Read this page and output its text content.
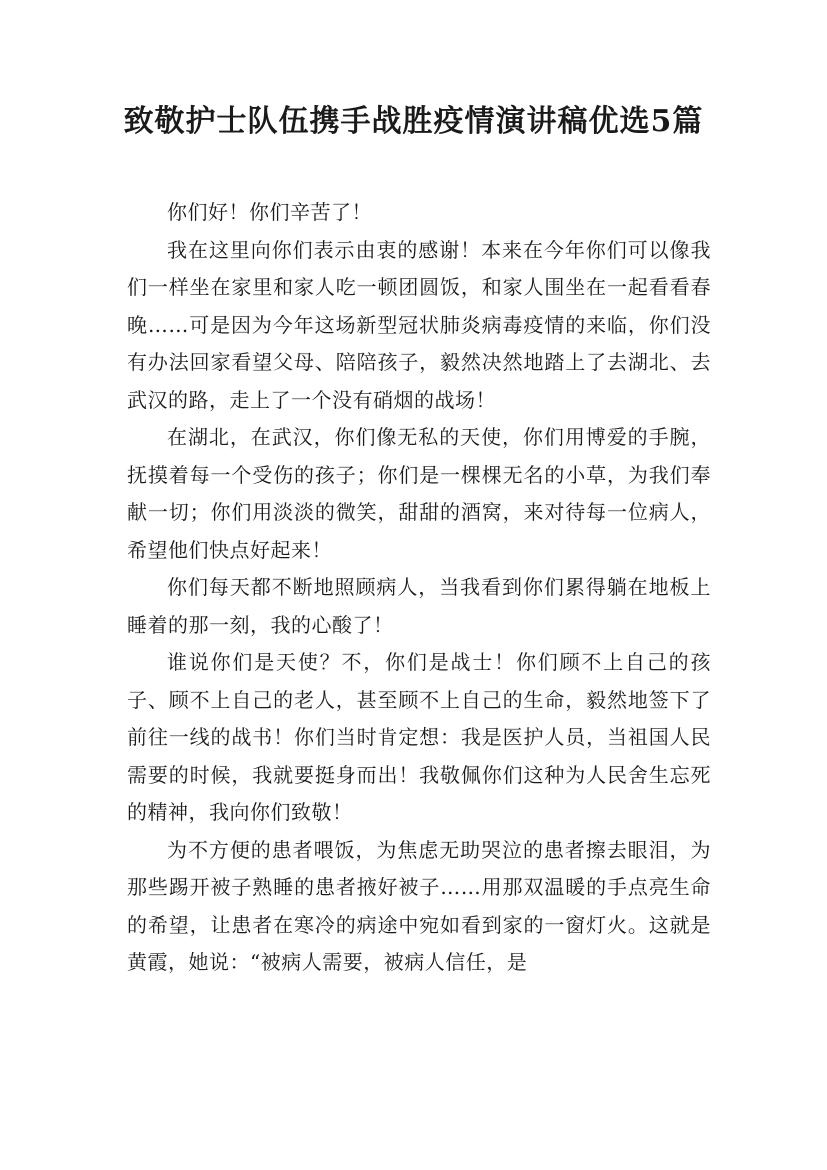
致敬护士队伍携手战胜疫情演讲稿优选5篇

你们好！你们辛苦了！

我在这里向你们表示由衷的感谢！本来在今年你们可以像我们一样坐在家里和家人吃一顿团圆饭，和家人围坐在一起看看春晚……可是因为今年这场新型冠状肺炎病毒疫情的来临，你们没有办法回家看望父母、陪陪孩子，毅然决然地踏上了去湖北、去武汉的路，走上了一个没有硝烟的战场！

在湖北，在武汉，你们像无私的天使，你们用博爱的手腕，抚摸着每一个受伤的孩子；你们是一棵棵无名的小草，为我们奉献一切；你们用淡淡的微笑，甜甜的酒窝，来对待每一位病人，希望他们快点好起来！

你们每天都不断地照顾病人，当我看到你们累得躺在地板上睡着的那一刻，我的心酸了！

谁说你们是天使？不，你们是战士！你们顾不上自己的孩子、顾不上自己的老人，甚至顾不上自己的生命，毅然地签下了前往一线的战书！你们当时肯定想：我是医护人员，当祖国人民需要的时候，我就要挺身而出！我敬佩你们这种为人民舍生忘死的精神，我向你们致敬！

为不方便的患者喂饭，为焦虑无助哭泣的患者擦去眼泪，为那些踢开被子熟睡的患者掖好被子……用那双温暖的手点亮生命的希望，让患者在寒冷的病途中宛如看到家的一窗灯火。这就是黄霞，她说：“被病人需要，被病人信任，是
